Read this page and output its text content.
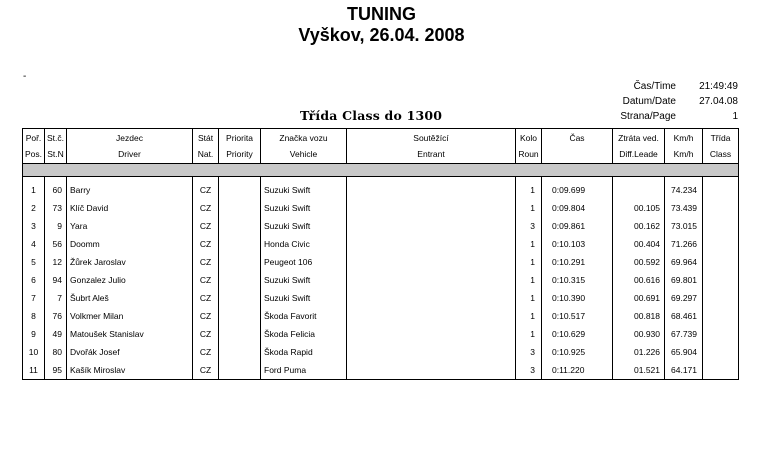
TUNING
Vyškov, 26.04. 2008
-
Čas/Time 21:49:49
Datum/Date 27.04.08
Strana/Page	1
Třída Class do 1300
Poř.	St.č.	Jezdec	Stát	Priorita	Značka vozu	Soutěžící	Kolo	Čas	Ztráta ved.	Km/h	Třída
Pos.	St.N	Driver	Nat.	Priority	Vehicle	Entrant	Roun		Diff.Leade	Km/h	Class

1	60	Barry	CZ		Suzuki Swift		1	0:09.699		74.234	
2	73	Klíč David	CZ		Suzuki Swift		1	0:09.804	00.105	73.439	
3	9	Yara	CZ		Suzuki Swift		3	0:09.861	00.162	73.015	
4	56	Doomm	CZ		Honda Civic		1	0:10.103	00.404	71.266	
5	12	Žůrek Jaroslav	CZ		Peugeot 106		1	0:10.291	00.592	69.964	
6	94	Gonzalez Julio	CZ		Suzuki Swift		1	0:10.315	00.616	69.801	
7	7	Šubrt Aleš	CZ		Suzuki Swift		1	0:10.390	00.691	69.297	
8	76	Volkmer Milan	CZ		Škoda Favorit		1	0:10.517	00.818	68.461	
9	49	Matoušek Stanislav	CZ		Škoda Felicia		1	0:10.629	00.930	67.739	
10	80	Dvořák Josef	CZ		Škoda Rapid		3	0:10.925	01.226	65.904	
11	95	Kašík Miroslav	CZ		Ford Puma		3	0:11.220	01.521	64.171	
